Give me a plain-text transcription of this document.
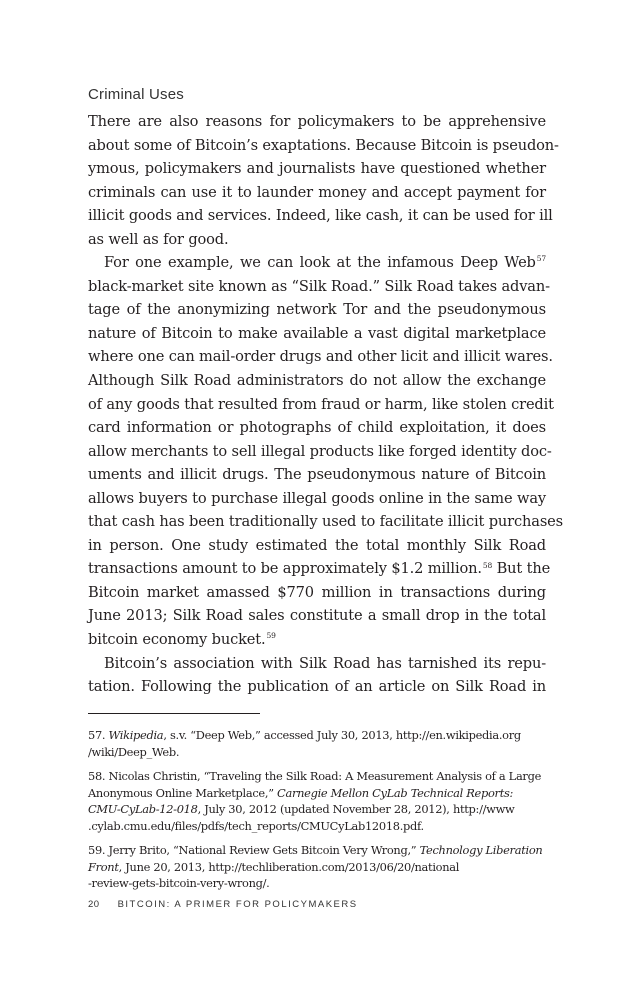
Criminal Uses
There are also reasons for policymakers to be apprehensive
about some of Bitcoin’s exaptations. Because Bitcoin is pseudon-
ymous, policymakers and journalists have questioned whether
criminals can use it to launder money and accept payment for
illicit goods and services. Indeed, like cash, it can be used for ill
as well as for good.
For one example, we can look at the infamous Deep Web$^{57}$
black-market site known as “Silk Road.” Silk Road takes advan-
tage of the anonymizing network Tor and the pseudonymous
nature of Bitcoin to make available a vast digital marketplace
where one can mail-order drugs and other licit and illicit wares.
Although Silk Road administrators do not allow the exchange
of any goods that resulted from fraud or harm, like stolen credit
card information or photographs of child exploitation, it does
allow merchants to sell illegal products like forged identity doc-
uments and illicit drugs. The pseudonymous nature of Bitcoin
allows buyers to purchase illegal goods online in the same way
that cash has been traditionally used to facilitate illicit purchases
in person. One study estimated the total monthly Silk Road
transactions amount to be approximately $1.2 million.$^{58}$ But the
Bitcoin market amassed $770 million in transactions during
June 2013; Silk Road sales constitute a small drop in the total
bitcoin economy bucket.$^{59}$
Bitcoin’s association with Silk Road has tarnished its repu-
tation. Following the publication of an article on Silk Road in
57. Wikipedia, s.v. “Deep Web,” accessed July 30, 2013, http://en.wikipedia.org
/wiki/Deep_Web.
58. Nicolas Christin, “Traveling the Silk Road: A Measurement Analysis of a Large
Anonymous Online Marketplace,” Carnegie Mellon CyLab Technical Reports:
CMU-CyLab-12-018, July 30, 2012 (updated November 28, 2012), http://www
.cylab.cmu.edu/files/pdfs/tech_reports/CMUCyLab12018.pdf.
59. Jerry Brito, “National Review Gets Bitcoin Very Wrong,” Technology Liberation
Front, June 20, 2013, http://techliberation.com/2013/06/20/national
-review-gets-bitcoin-very-wrong/.
20 BITCOIN: A PRIMER FOR POLICYMAKERS
